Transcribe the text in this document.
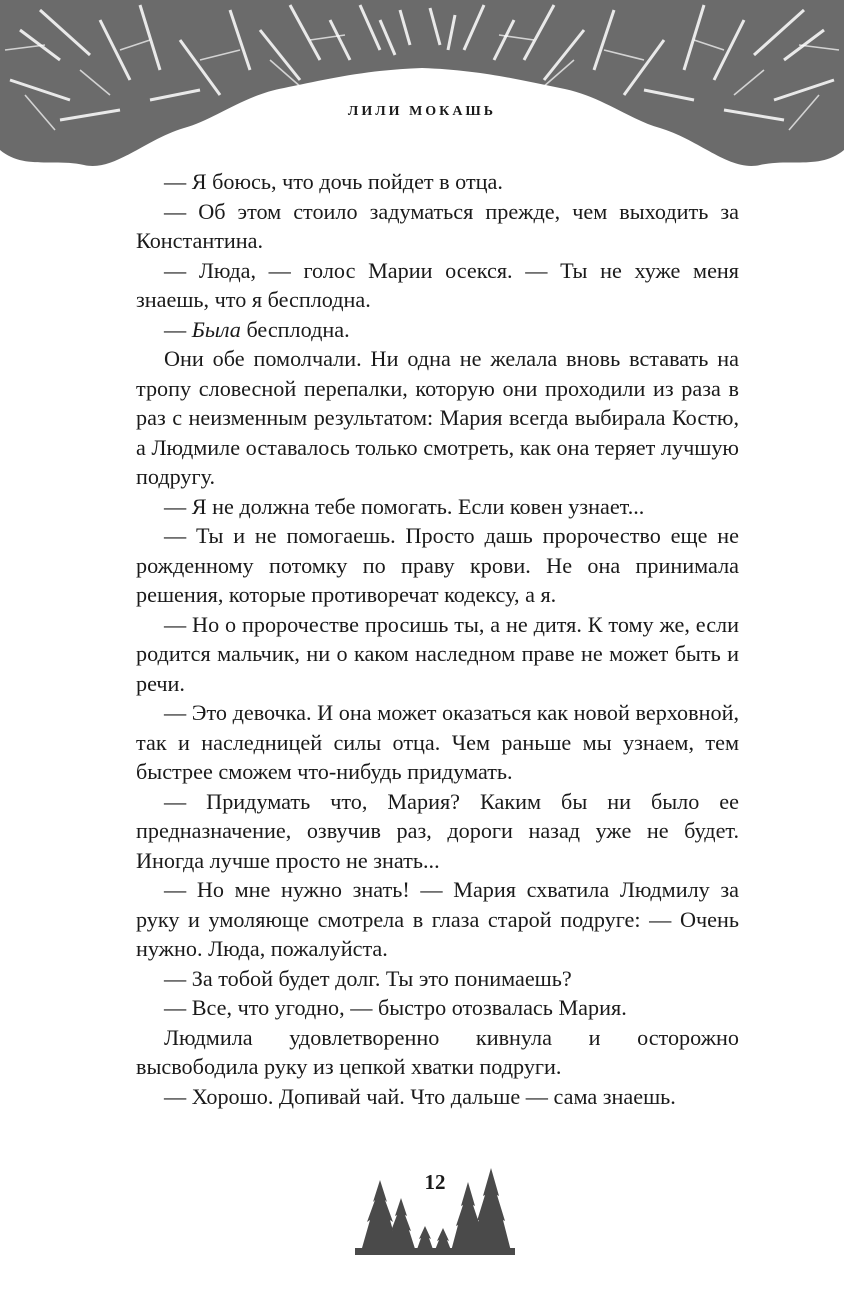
ЛИЛИ МОКАШЬ

— Я боюсь, что дочь пойдет в отца.

— Об этом стоило задуматься прежде, чем выходить за Константина.

— Люда, — голос Марии осекся. — Ты не хуже меня знаешь, что я бесплодна.

— Была бесплодна.

Они обе помолчали. Ни одна не желала вновь вставать на тропу словесной перепалки, которую они проходили из раза в раз с неизменным результатом: Мария всегда выбирала Костю, а Людмиле оставалось только смотреть, как она теряет лучшую подругу.

— Я не должна тебе помогать. Если ковен узнает...

— Ты и не помогаешь. Просто дашь пророчество еще не рожденному потомку по праву крови. Не она принимала решения, которые противоречат кодексу, а я.

— Но о пророчестве просишь ты, а не дитя. К тому же, если родится мальчик, ни о каком наследном праве не может быть и речи.

— Это девочка. И она может оказаться как новой верховной, так и наследницей силы отца. Чем раньше мы узнаем, тем быстрее сможем что-нибудь придумать.

— Придумать что, Мария? Каким бы ни было ее предназначение, озвучив раз, дороги назад уже не будет. Иногда лучше просто не знать...

— Но мне нужно знать! — Мария схватила Людмилу за руку и умоляюще смотрела в глаза старой подруге: — Очень нужно. Люда, пожалуйста.

— За тобой будет долг. Ты это понимаешь?

— Все, что угодно, — быстро отозвалась Мария.

Людмила удовлетворенно кивнула и осторожно высвободила руку из цепкой хватки подруги.

— Хорошо. Допивай чай. Что дальше — сама знаешь.

12
